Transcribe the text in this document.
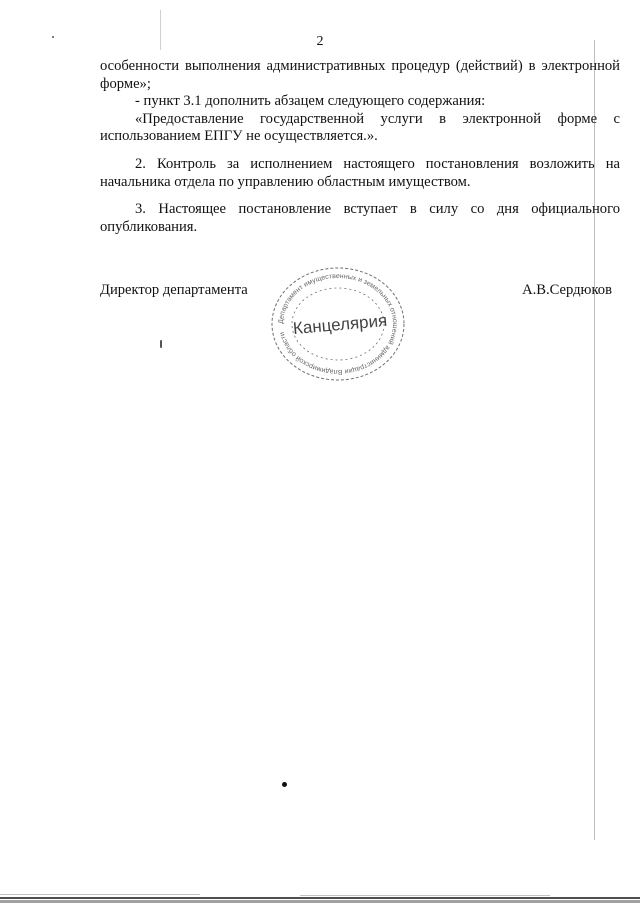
2

особенности выполнения административных процедур (действий) в электронной форме»;

- пункт 3.1 дополнить абзацем следующего содержания:

«Предоставление государственной услуги в электронной форме с использованием ЕПГУ не осуществляется.».

2. Контроль за исполнением настоящего постановления возложить на начальника отдела по управлению областным имуществом.

3. Настоящее постановление вступает в силу со дня официального опубликования.

Директор департамента	А.В.Сердюков
Департамент имущественных и земельных отношений администрации Владимирской области Канцелярия
